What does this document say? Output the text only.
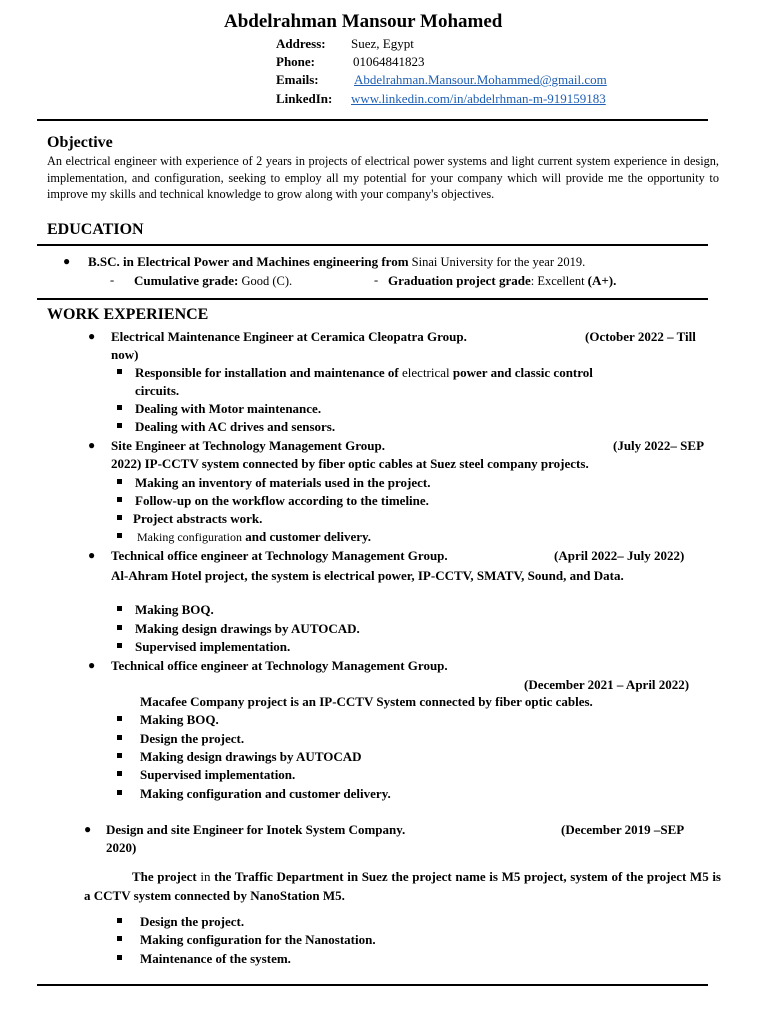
Abdelrahman Mansour Mohamed
Address: Suez, Egypt
Phone:	01064841823
Emails:	Abdelrahman.Mansour.Mohammed@gmail.com
LinkedIn: www.linkedin.com/in/abdelrhman-m-919159183
Objective
An electrical engineer with experience of 2 years in projects of electrical power systems and light current system experience in design, implementation, and configuration, seeking to employ all my potential for your company which will provide me the opportunity to improve my skills and technical knowledge to grow along with your company's objectives.
EDUCATION
● B.SC. in Electrical Power and Machines engineering from Sinai University for the year 2019.
- Cumulative grade: Good (C).	- Graduation project grade: Excellent (A+).
WORK EXPERIENCE
● Electrical Maintenance Engineer at Ceramica Cleopatra Group.	(October 2022 – Till
now)
Responsible for installation and maintenance of electrical power and classic control
circuits.
Dealing with Motor maintenance.
Dealing with AC drives and sensors.
● Site Engineer at Technology Management Group.	(July 2022– SEP
2022) IP-CCTV system connected by fiber optic cables at Suez steel company projects.
Making an inventory of materials used in the project.
Follow-up on the workflow according to the timeline.
Project abstracts work.
Making configuration and customer delivery.
● Technical office engineer at Technology Management Group.	(April 2022– July 2022)
Al-Ahram Hotel project, the system is electrical power, IP-CCTV, SMATV, Sound, and Data.
Making BOQ.
Making design drawings by AUTOCAD.
Supervised implementation.
● Technical office engineer at Technology Management Group.
(December 2021 – April 2022)
Macafee Company project is an IP-CCTV System connected by fiber optic cables.
Making BOQ.
Design the project.
Making design drawings by AUTOCAD
Supervised implementation.
Making configuration and customer delivery.
● Design and site Engineer for Inotek System Company.	(December 2019 –SEP
2020)
The project in the Traffic Department in Suez the project name is M5 project, system of the project M5 is a CCTV system connected by NanoStation M5.
Design the project.
Making configuration for the Nanostation.
Maintenance of the system.
